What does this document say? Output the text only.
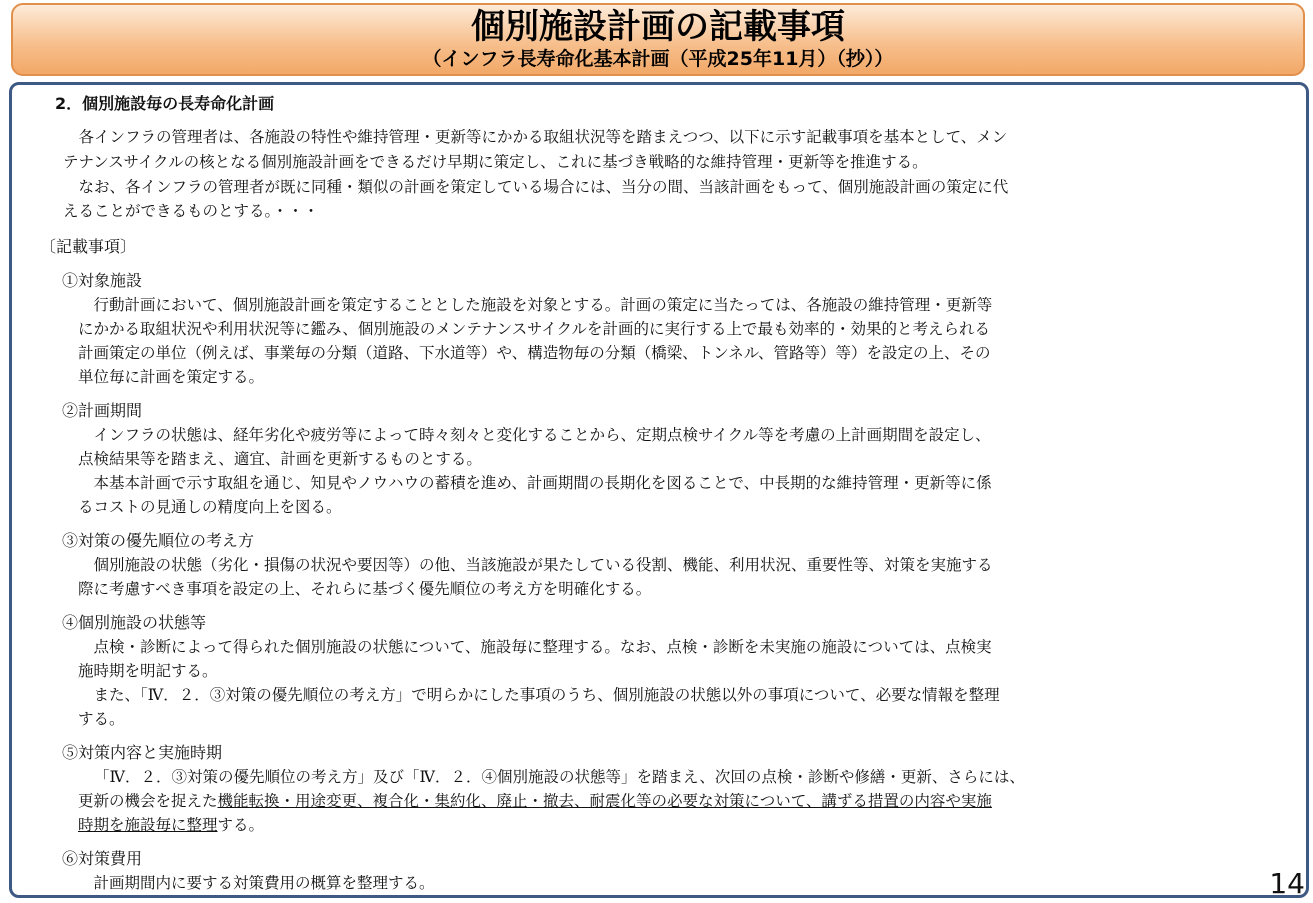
個別施設計画の記載事項
（インフラ長寿命化基本計画（平成25年11月）（抄））

2．個別施設毎の長寿命化計画

　各インフラの管理者は、各施設の特性や維持管理・更新等にかかる取組状況等を踏まえつつ、以下に示す記載事項を基本として、メン

テナンスサイクルの核となる個別施設計画をできるだけ早期に策定し、これに基づき戦略的な維持管理・更新等を推進する。

　なお、各インフラの管理者が既に同種・類似の計画を策定している場合には、当分の間、当該計画をもって、個別施設計画の策定に代

えることができるものとする。・・・

〔記載事項〕

①対象施設

　行動計画において、個別施設計画を策定することとした施設を対象とする。計画の策定に当たっては、各施設の維持管理・更新等

にかかる取組状況や利用状況等に鑑み、個別施設のメンテナンスサイクルを計画的に実行する上で最も効率的・効果的と考えられる

計画策定の単位（例えば、事業毎の分類（道路、下水道等）や、構造物毎の分類（橋梁、トンネル、管路等）等）を設定の上、その

単位毎に計画を策定する。

②計画期間

　インフラの状態は、経年劣化や疲労等によって時々刻々と変化することから、定期点検サイクル等を考慮の上計画期間を設定し、

点検結果等を踏まえ、適宜、計画を更新するものとする。

　本基本計画で示す取組を通じ、知見やノウハウの蓄積を進め、計画期間の長期化を図ることで、中長期的な維持管理・更新等に係

るコストの見通しの精度向上を図る。

③対策の優先順位の考え方

　個別施設の状態（劣化・損傷の状況や要因等）の他、当該施設が果たしている役割、機能、利用状況、重要性等、対策を実施する

際に考慮すべき事項を設定の上、それらに基づく優先順位の考え方を明確化する。

④個別施設の状態等

　点検・診断によって得られた個別施設の状態について、施設毎に整理する。なお、点検・診断を未実施の施設については、点検実

施時期を明記する。

　また、「Ⅳ．２．③対策の優先順位の考え方」で明らかにした事項のうち、個別施設の状態以外の事項について、必要な情報を整理

する。

⑤対策内容と実施時期

「Ⅳ．２．③対策の優先順位の考え方」及び「Ⅳ．２．④個別施設の状態等」を踏まえ、次回の点検・診断や修繕・更新、さらには、

更新の機会を捉えた機能転換・用途変更、複合化・集約化、廃止・撤去、耐震化等の必要な対策について、講ずる措置の内容や実施

時期を施設毎に整理する。

⑥対策費用

　計画期間内に要する対策費用の概算を整理する。	14
